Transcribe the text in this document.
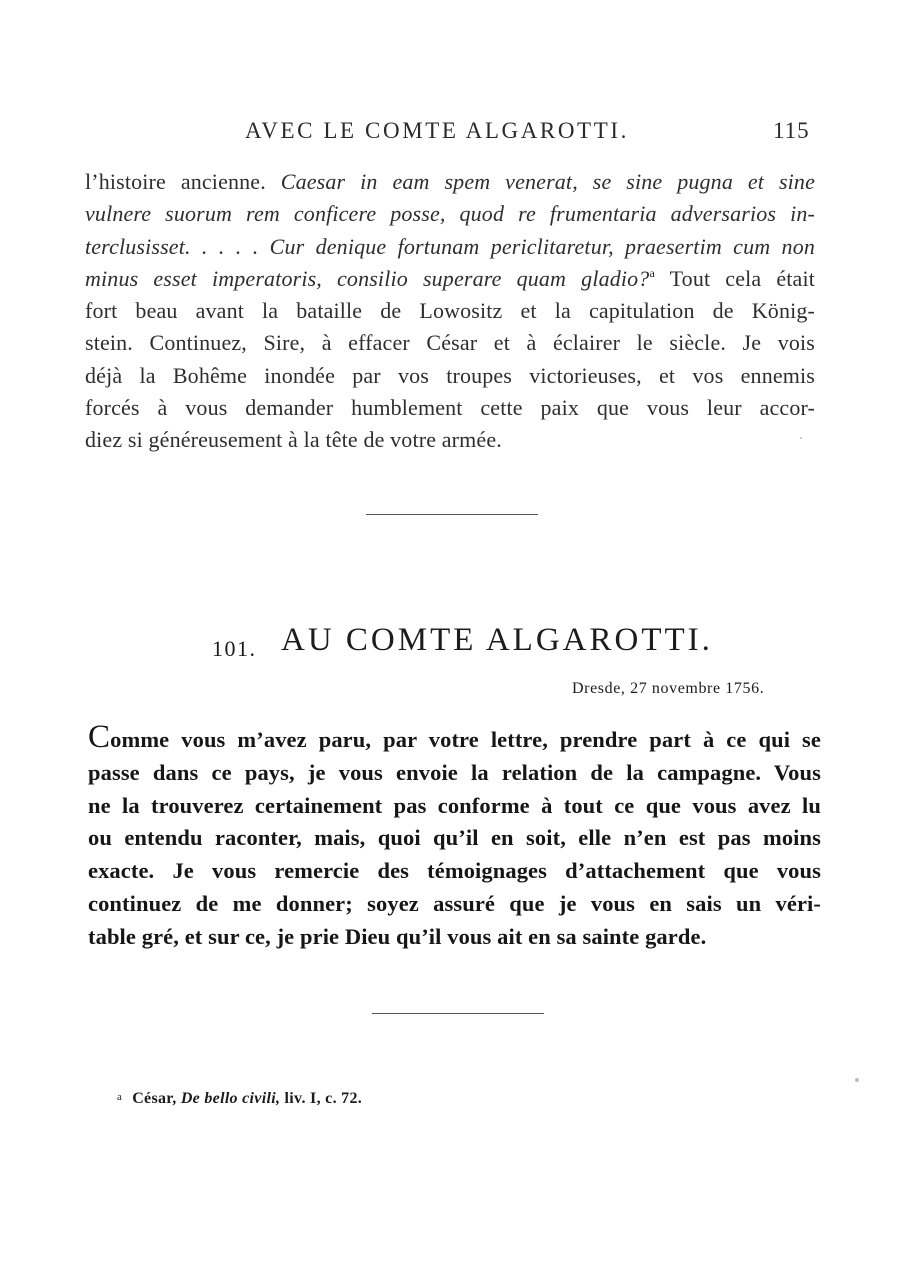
AVEC LE COMTE ALGAROTTI.	115
l’histoire ancienne. Caesar in eam spem venerat, se sine pugna et sine
vulnere suorum rem conficere posse, quod re frumentaria adversarios in-
terclusisset. . . . . Cur denique fortunam periclitaretur, praesertim cum non
minus esset imperatoris, consilio superare quam gladio?$^a$ Tout cela était
fort beau avant la bataille de Lowositz et la capitulation de König-
stein. Continuez, Sire, à effacer César et à éclairer le siècle. Je vois
déjà la Bohême inondée par vos troupes victorieuses, et vos ennemis
forcés à vous demander humblement cette paix que vous leur accor-
diez si généreusement à la tête de votre armée.
101. AU COMTE ALGAROTTI.
Dresde, 27 novembre 1756.
Comme vous m’avez paru, par votre lettre, prendre part à ce qui se
passe dans ce pays, je vous envoie la relation de la campagne. Vous
ne la trouverez certainement pas conforme à tout ce que vous avez lu
ou entendu raconter, mais, quoi qu’il en soit, elle n’en est pas moins
exacte. Je vous remercie des témoignages d’attachement que vous
continuez de me donner; soyez assuré que je vous en sais un véri-
table gré, et sur ce, je prie Dieu qu’il vous ait en sa sainte garde.
a César, De bello civili, liv. I, c. 72.
